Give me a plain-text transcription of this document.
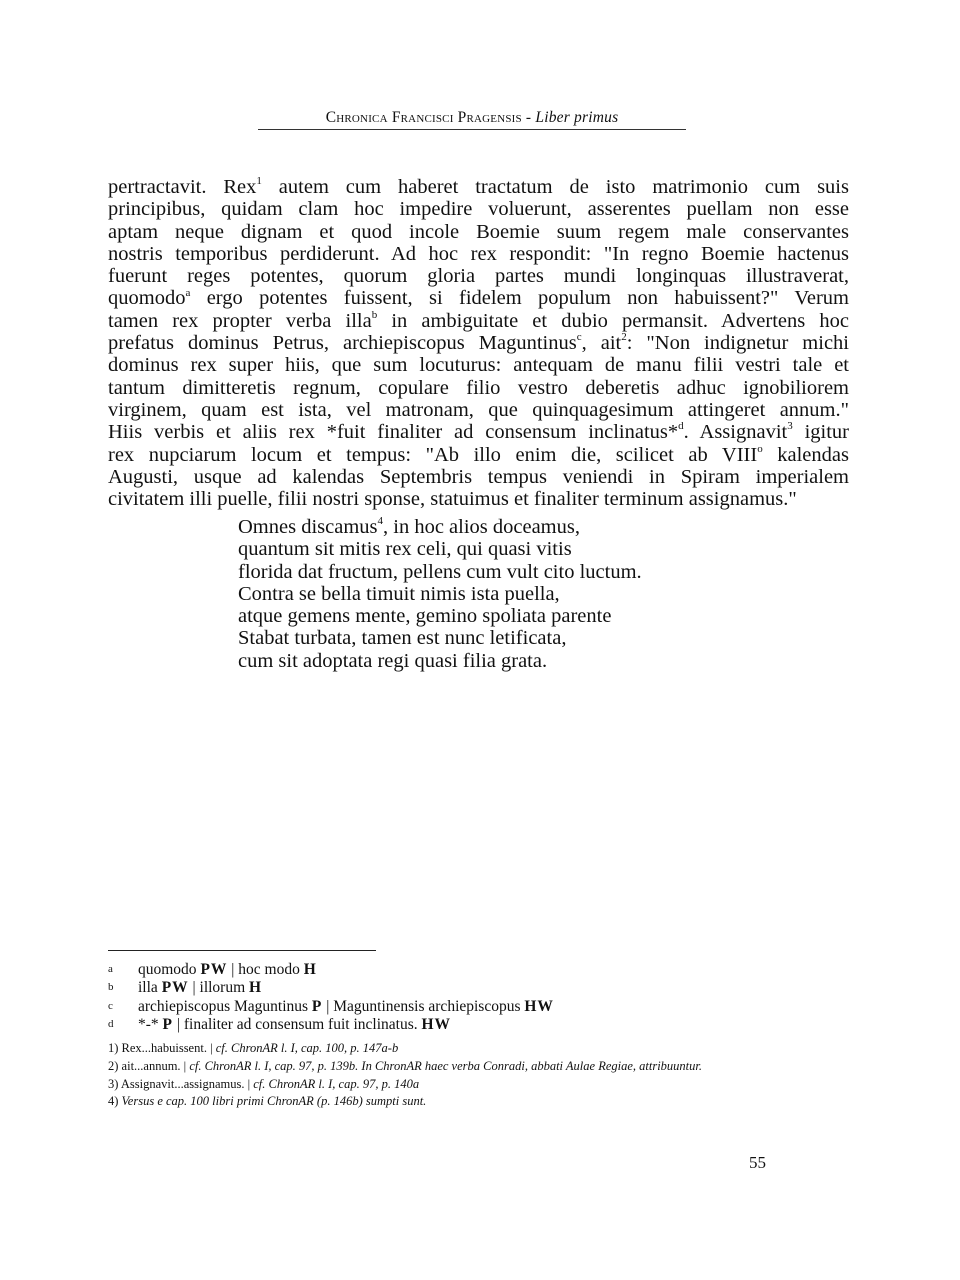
Chronica Francisci Pragensis - Liber primus
pertractavit. Rex$^1$ autem cum haberet tractatum de isto matrimonio cum suis
principibus, quidam clam hoc impedire voluerunt, asserentes puellam non esse
aptam neque dignam et quod incole Boemie suum regem male conservantes
nostris temporibus perdiderunt. Ad hoc rex respondit: "In regno Boemie hactenus
fuerunt reges potentes, quorum gloria partes mundi longinquas illustraverat,
quomodo$^a$ ergo potentes fuissent, si fidelem populum non habuissent?" Verum
tamen rex propter verba illa$^b$ in ambiguitate et dubio permansit. Advertens hoc
prefatus dominus Petrus, archiepiscopus Maguntinus$^c$, ait$^2$: "Non indignetur michi
dominus rex super hiis, que sum locuturus: antequam de manu filii vestri tale et
tantum dimitteretis regnum, copulare filio vestro deberetis adhuc ignobiliorem
virginem, quam est ista, vel matronam, que quinquagesimum attingeret annum."
Hiis verbis et aliis rex *fuit finaliter ad consensum inclinatus*$^d$. Assignavit$^3$ igitur
rex nupciarum locum et tempus: "Ab illo enim die, scilicet ab VIII$^o$ kalendas
Augusti, usque ad kalendas Septembris tempus veniendi in Spiram imperialem
civitatem illi puelle, filii nostri sponse, statuimus et finaliter terminum assignamus."
Omnes discamus$^4$, in hoc alios doceamus,
quantum sit mitis rex celi, qui quasi vitis
florida dat fructum, pellens cum vult cito luctum.
Contra se bella timuit nimis ista puella,
atque gemens mente, gemino spoliata parente
Stabat turbata, tamen est nunc letificata,
cum sit adoptata regi quasi filia grata.
a quomodo PW | hoc modo H
b illa PW | illorum H
c archiepiscopus Maguntinus P | Maguntinensis archiepiscopus HW
d *-* P | finaliter ad consensum fuit inclinatus. HW
1) Rex...habuissent. | cf. ChronAR l. I, cap. 100, p. 147a-b
2) ait...annum. | cf. ChronAR l. I, cap. 97, p. 139b. In ChronAR haec verba Conradi, abbati Aulae Regiae, attribuuntur.
3) Assignavit...assignamus. | cf. ChronAR l. I, cap. 97, p. 140a
4) Versus e cap. 100 libri primi ChronAR (p. 146b) sumpti sunt.
55
